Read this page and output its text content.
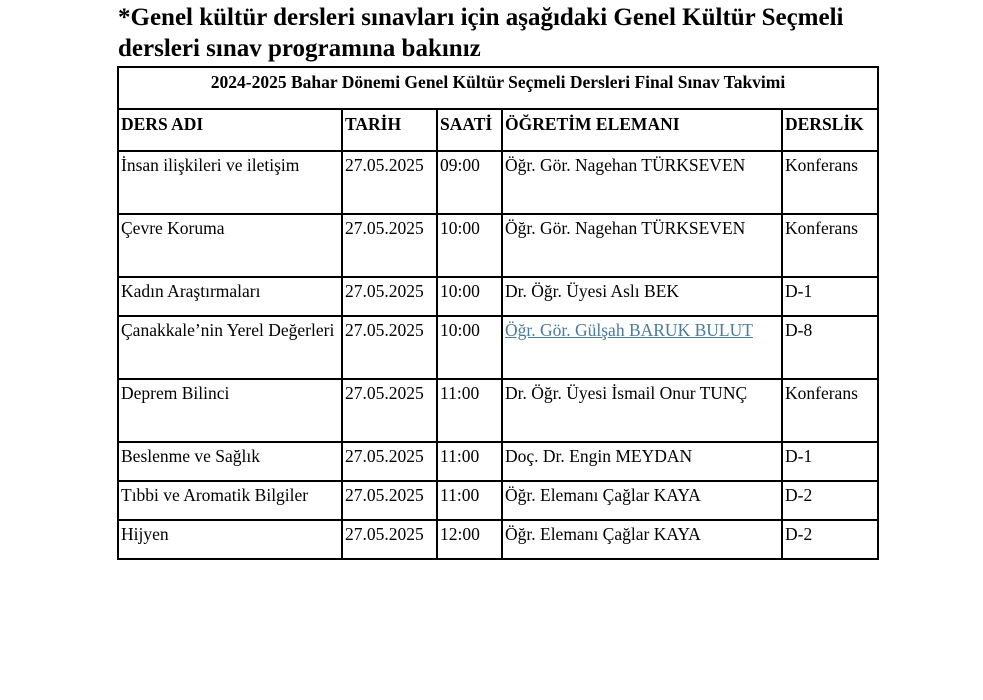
*Genel kültür dersleri sınavları için aşağıdaki Genel Kültür Seçmeli dersleri sınav programına bakınız
2024-2025 Bahar Dönemi Genel Kültür Seçmeli Dersleri Final Sınav Takvimi				

DERS ADI	TARİH	SAATİ	ÖĞRETİM ELEMANI	DERSLİK
İnsan ilişkileri ve iletişim	27.05.2025	09:00	Öğr. Gör. Nagehan TÜRKSEVEN	Konferans
Çevre Koruma	27.05.2025	10:00	Öğr. Gör. Nagehan TÜRKSEVEN	Konferans
Kadın Araştırmaları	27.05.2025	10:00	Dr. Öğr. Üyesi Aslı BEK	D-1
Çanakkale’nin Yerel Değerleri	27.05.2025	10:00	Öğr. Gör. Gülşah BARUK BULUT	D-8
Deprem Bilinci	27.05.2025	11:00	Dr. Öğr. Üyesi İsmail Onur TUNÇ	Konferans
Beslenme ve Sağlık	27.05.2025	11:00	Doç. Dr. Engin MEYDAN	D-1
Tıbbi ve Aromatik Bilgiler	27.05.2025	11:00	Öğr. Elemanı Çağlar KAYA	D-2
Hijyen	27.05.2025	12:00	Öğr. Elemanı Çağlar KAYA	D-2
